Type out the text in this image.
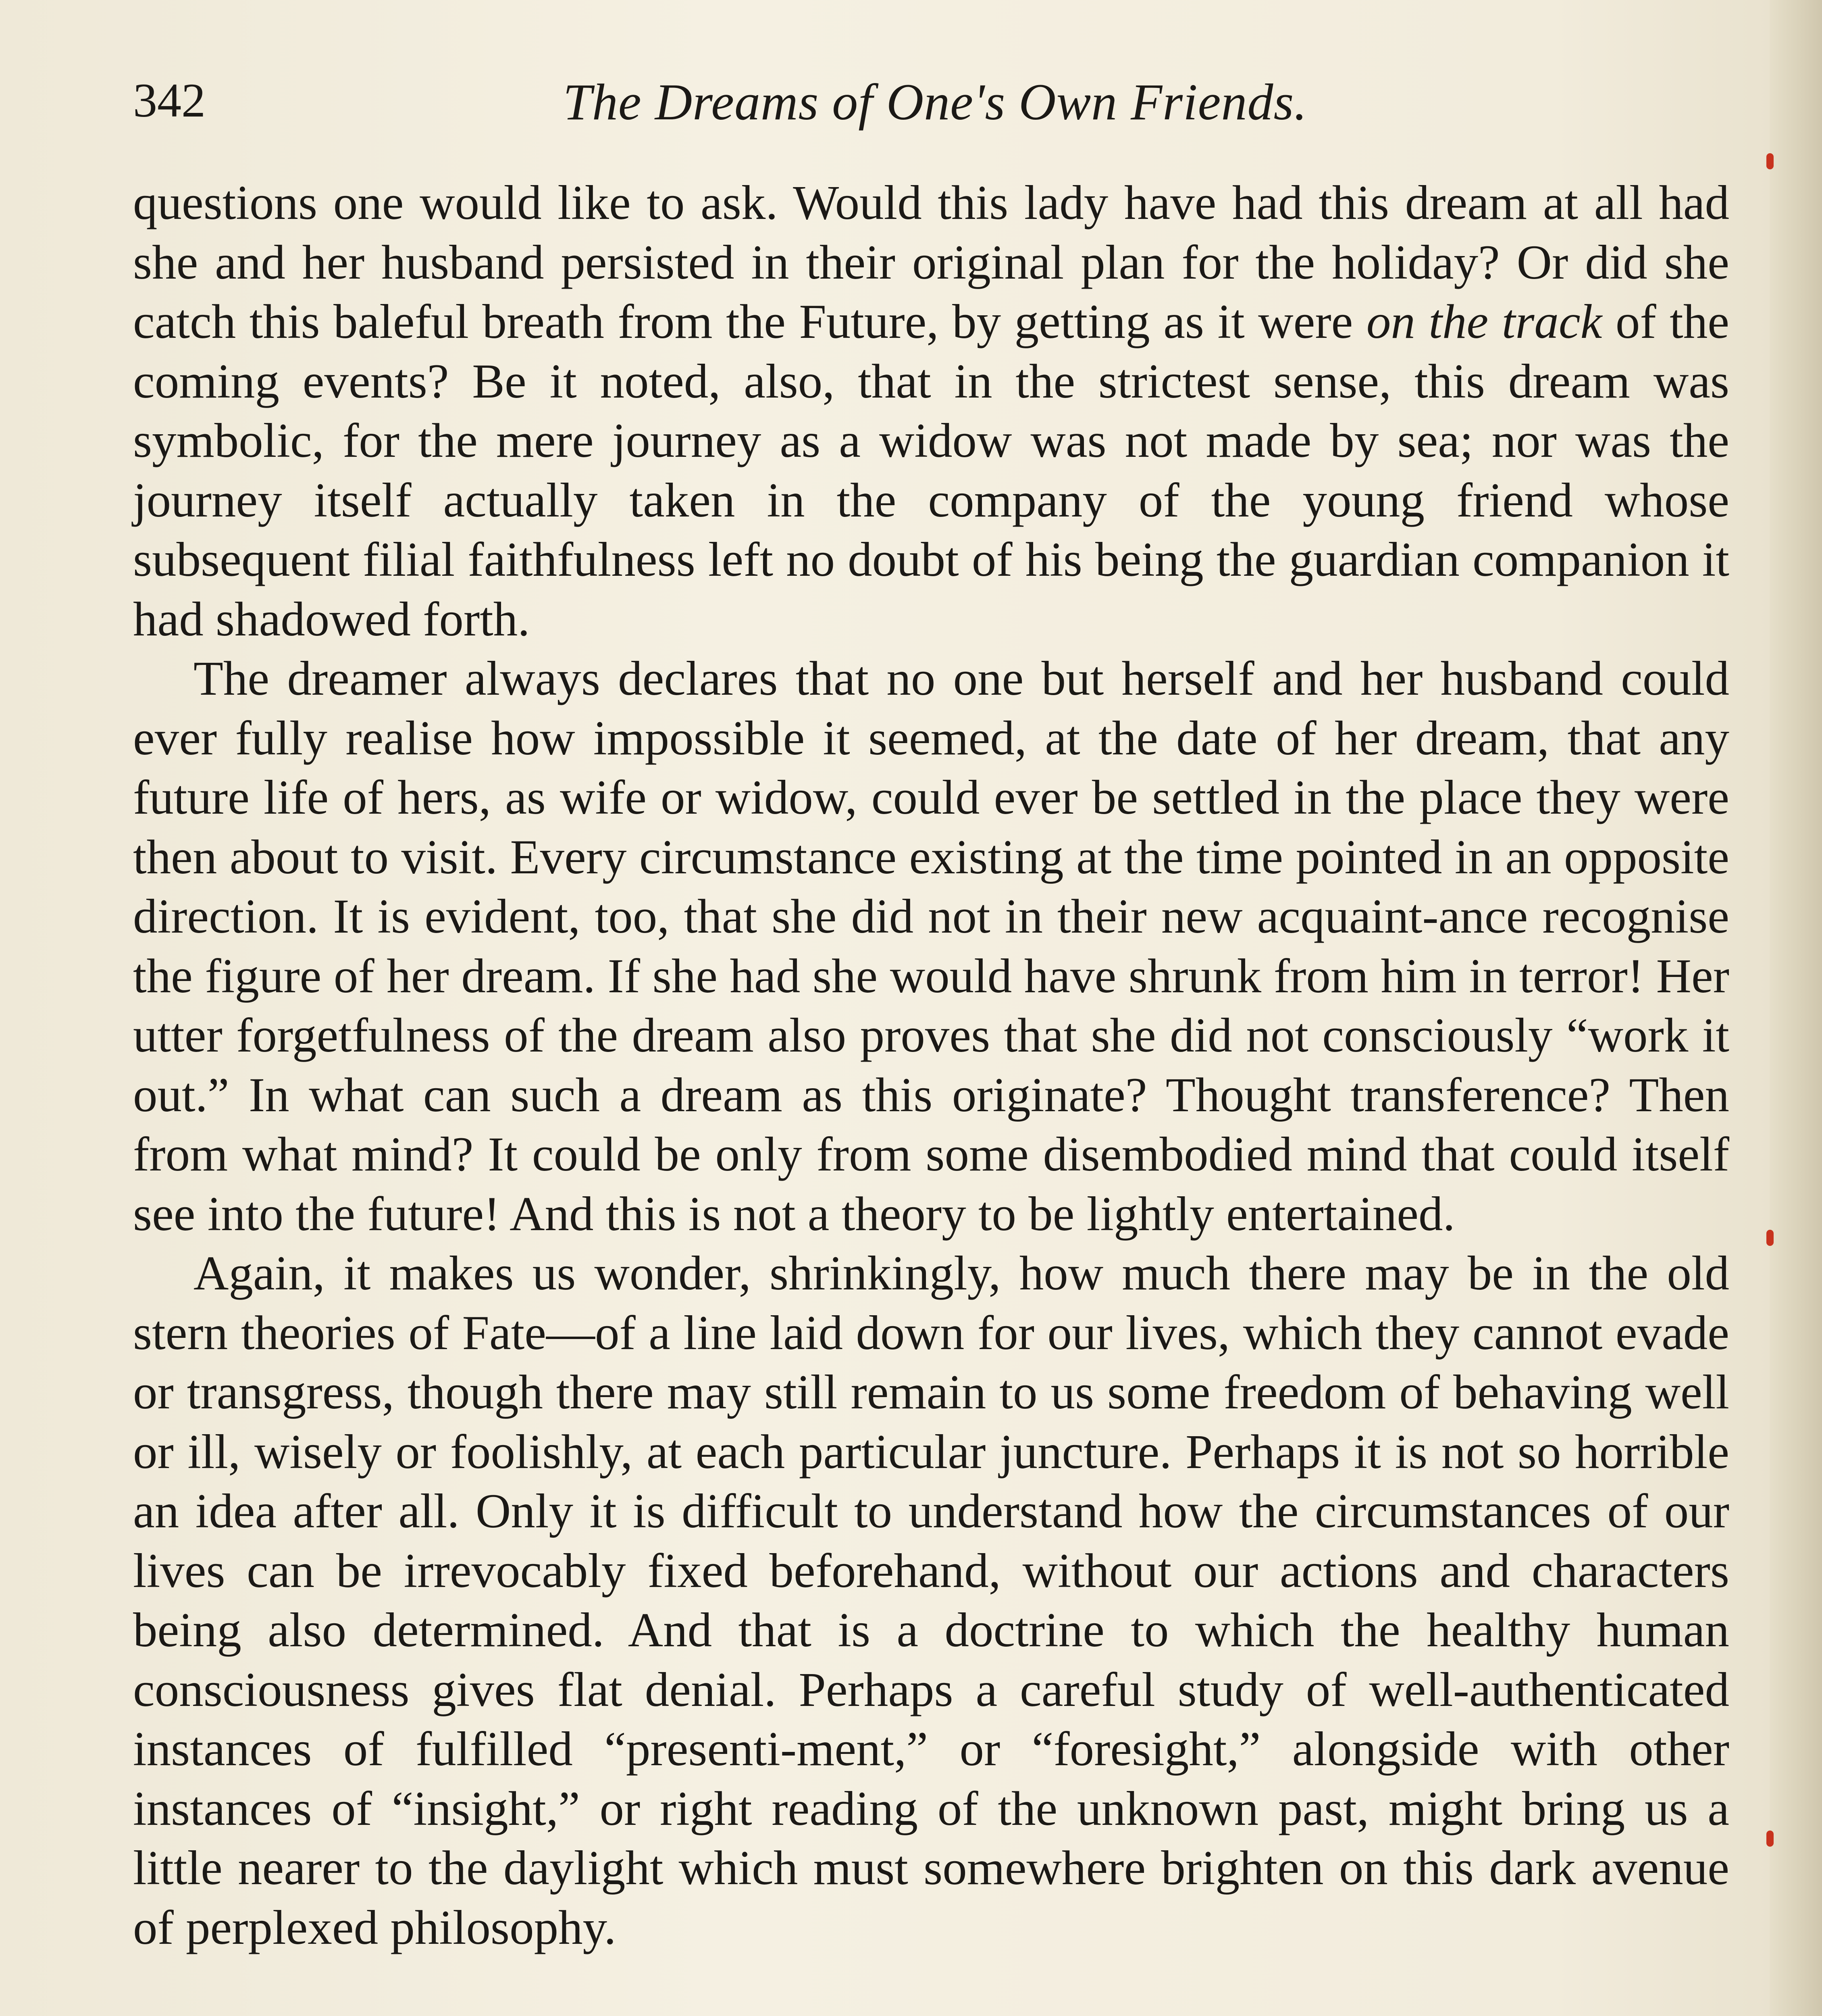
342	The Dreams of One's Own Friends.

questions one would like to ask. Would this lady have had this dream at all had she and her husband persisted in their original plan for the holiday? Or did she catch this baleful breath from the Future, by getting as it were on the track of the coming events? Be it noted, also, that in the strictest sense, this dream was symbolic, for the mere journey as a widow was not made by sea; nor was the journey itself actually taken in the company of the young friend whose subsequent filial faithfulness left no doubt of his being the guardian companion it had shadowed forth.

The dreamer always declares that no one but herself and her husband could ever fully realise how impossible it seemed, at the date of her dream, that any future life of hers, as wife or widow, could ever be settled in the place they were then about to visit. Every circumstance existing at the time pointed in an opposite direction. It is evident, too, that she did not in their new acquaint-ance recognise the figure of her dream. If she had she would have shrunk from him in terror! Her utter forgetfulness of the dream also proves that she did not consciously “work it out.” In what can such a dream as this originate? Thought transference? Then from what mind? It could be only from some disembodied mind that could itself see into the future! And this is not a theory to be lightly entertained.

Again, it makes us wonder, shrinkingly, how much there may be in the old stern theories of Fate—of a line laid down for our lives, which they cannot evade or transgress, though there may still remain to us some freedom of behaving well or ill, wisely or foolishly, at each particular juncture. Perhaps it is not so horrible an idea after all. Only it is difficult to understand how the circumstances of our lives can be irrevocably fixed beforehand, without our actions and characters being also determined. And that is a doctrine to which the healthy human consciousness gives flat denial. Perhaps a careful study of well-authenticated instances of fulfilled “presenti-ment,” or “foresight,” alongside with other instances of “insight,” or right reading of the unknown past, might bring us a little nearer to the daylight which must somewhere brighten on this dark avenue of perplexed philosophy.
